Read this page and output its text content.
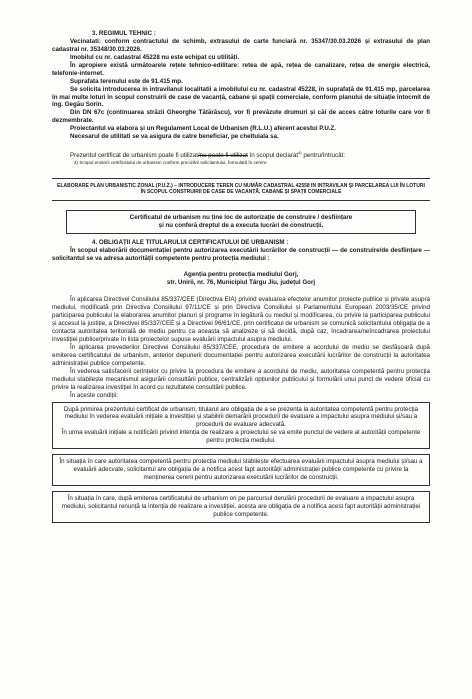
3. REGIMUL TEHNIC :
Vecinatati: conform contractului de schimb, extrasului de carte funciară nr. 35347/30.03.2026 și extrasului de plan cadastral nr. 35348/30.03.2026.
Imobilul cu nr. cadastral 45228 nu este echipat cu utilități.
În apropiere există următoarele rețele tehnico-edilitare: retea de apă, rețea de canalizare, rețea de energie electrică, telefonie-internet.
Suprafata terenului este de 91.415 mp.
Se solicita introducerea in intravilanul localitatii a imobilului cu nr. cadastral 45228, în suprafață de 91.415 mp, parcelarea în mai multe loturi în scopul construirii de case de vacanță, cabane și spații comerciale, conform planului de situație întocmit de ing. Gegău Sorin.
Din DN 67c (continuarea străzii Gheorghe Tătărăscu), vor fi prevăzute drumuri și căi de acces către loturile care vor fi dezmembrate.
Proiectantul va elabora și un Regulament Local de Urbanism (R.L.U.) aferent acestui P.U.Z.
Necesarul de utilitati se va asigura de catre beneficiar, pe cheltuiala sa.
Prezentul certificat de urbanism poate fi utilizat/nu poate fi utilizat în scopul declarat$^{4)}$ pentru/întrucât:
4) Scopul emiterii certificatului de urbanism conform precizării solicitantului, formulată în cerere
ELABORARE PLAN URBANISTIC ZONAL (P.U.Z.) – INTRODUCERE TEREN CU NUMĂR CADASTRAL 42558 IN INTRAVILAN ȘI PARCELAREA LUI ÎN LOTURI ÎN SCOPUL CONSTRUIRII DE CASE DE VACANȚĂ, CABANE ȘI SPAȚII COMERCIALE
Certificatul de urbanism nu ține loc de autorizație de construire / desființare
și nu conferă dreptul de a executa lucrări de construcții.
4. OBLIGAȚII ALE TITULARULUI CERTIFICATULUI DE URBANISM :
În scopul elaborării documentației pentru autorizarea executării lucrărilor de construcții — de construire/de desființare — solicitantul se va adresa autorității competente pentru protecția mediului :
Agenția pentru protecția mediului Gorj,
str. Unirii, nr. 76, Municipiul Târgu Jiu, județul Gorj
În aplicarea Directivei Consiliului 85/337/CEE (Directiva EIA) privind evaluarea efectelor anumitor proiecte publice și private asupra mediului, modificată prin Directiva Consiliului 97/11/CE și prin Directiva Consiliului și Parlamentului European 2003/35/CE privind participarea publicului la elaborarea anumitor planuri și programe în legătură cu mediul și modificarea, cu privire la participarea publicului și accesul la justiție, a Directivei 85/337/CEE și a Directivei 96/61/CE, prin certificatul de urbanism se comunică solicitantului obligația de a contacta autoritatea teritorială de mediu pentru ca aceasta să analizeze și să decidă, după caz, încadrarea/neîncadrarea proiectului investiției publice/private în lista proiectelor supuse evaluării impactului asupra mediului.
În aplicarea prevederilor Directivei Consiliului 85/337/CEE, procedura de emitere a acordului de mediu se desfășoară după emiterea certificatului de urbanism, anterior depunerii documentației pentru autorizarea executării lucrărilor de construcții la autoritatea administrației publice competente.
În vederea satisfacerii cerințelor cu privire la procedura de emitere a acordului de mediu, autoritatea competentă pentru protecția mediului stabilește mecanismul asigurării consultării publice, centralizării opțiunilor publicului și formulării unui punct de vedere oficial cu privire la realizarea investiției în acord cu rezultatele consultării publice.
În aceste condiții:
După primirea prezentului certificat de urbanism, titularul are obligația de a se prezenta la autoritatea competentă pentru protecția mediului în vederea evaluării inițiale a investiției și stabilirii demarării procedurii de evaluare a impactului asupra mediului și/sau a procedurii de evaluare adecvată.
În urma evaluării inițiale a notificării privind intenția de realizare a proiectului se va emite punctul de vedere al autorității competente pentru protecția mediului.
În situația în care autoritatea competentă pentru protecția mediului stabilește efectuarea evaluării impactului asupra mediului și/sau a evaluării adecvate, solicitantul are obligația de a notifica acest fapt autorității administrației publice competente cu privire la menținerea cererii pentru autorizarea executării lucrărilor de construcții.
În situația în care, după emiterea certificatului de urbanism ori pe parcursul derulării procedurii de evaluare a impactului asupra mediului, solicitantul renunță la intenția de realizare a investiției, acesta are obligația de a notifica acest fapt autorității administrației publice competente.
